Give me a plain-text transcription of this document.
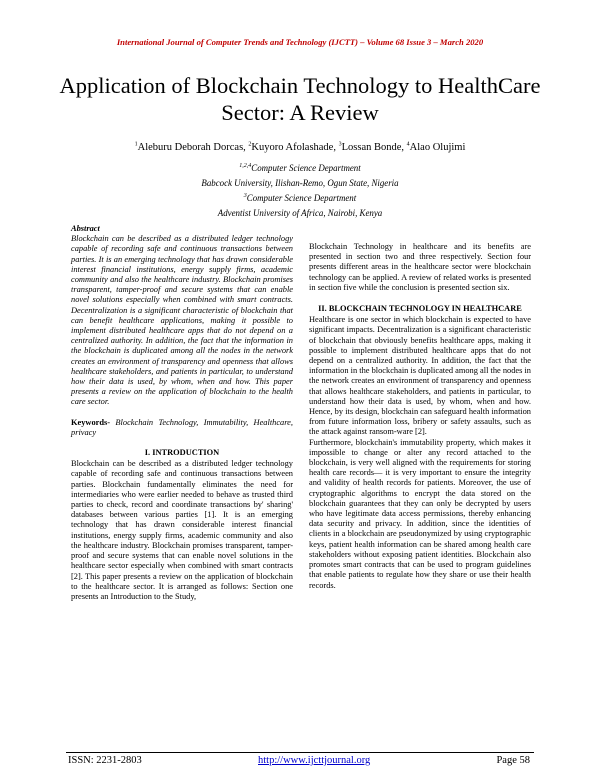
International Journal of Computer Trends and Technology (IJCTT) – Volume 68 Issue 3 – March 2020
Application of Blockchain Technology to HealthCare Sector: A Review
$^1$Aleburu Deborah Dorcas, $^2$Kuyoro Afolashade, $^3$Lossan Bonde, $^4$Alao Olujimi
$^{1,2,4}$Computer Science Department
Babcock University, Ilishan-Remo, Ogun State, Nigeria
$^3$Computer Science Department
Adventist University of Africa, Nairobi, Kenya

Abstract

Blockchain can be described as a distributed ledger technology capable of recording safe and continuous transactions between parties. It is an emerging technology that has drawn considerable interest financial institutions, energy supply firms, academic community and also the healthcare industry. Blockchain promises transparent, tamper-proof and secure systems that can enable novel solutions especially when combined with smart contracts. Decentralization is a significant characteristic of blockchain that can benefit healthcare applications, making it possible to implement distributed healthcare apps that do not depend on a centralized authority. In addition, the fact that the information in the blockchain is duplicated among all the nodes in the network creates an environment of transparency and openness that allows healthcare stakeholders, and patients in particular, to understand how their data is used, by whom, when and how. This paper presents a review on the application of blockchain to the health care sector.

Keywords- Blockchain Technology, Immutability, Healthcare, privacy

I. INTRODUCTION

Blockchain can be described as a distributed ledger technology capable of recording safe and continuous transactions between parties. Blockchain fundamentally eliminates the need for intermediaries who were earlier needed to behave as trusted third parties to check, record and coordinate transactions by' sharing' databases between various parties [1]. It is an emerging technology that has drawn considerable interest financial institutions, energy supply firms, academic community and also the healthcare industry. Blockchain promises transparent, tamper-proof and secure systems that can enable novel solutions in the healthcare sector especially when combined with smart contracts [2]. This paper presents a review on the application of blockchain to the healthcare sector. It is arranged as follows: Section one presents an Introduction to the Study,

Blockchain Technology in healthcare and its benefits are presented in section two and three respectively. Section four presents different areas in the healthcare sector were blockchain technology can be applied. A review of related works is presented in section five while the conclusion is presented section six.

II. BLOCKCHAIN TECHNOLOGY IN HEALTHCARE

Healthcare is one sector in which blockchain is expected to have significant impacts. Decentralization is a significant characteristic of blockchain that obviously benefits healthcare apps, making it possible to implement distributed healthcare apps that do not depend on a centralized authority. In addition, the fact that the information in the blockchain is duplicated among all the nodes in the network creates an environment of transparency and openness that allows healthcare stakeholders, and patients in particular, to understand how their data is used, by whom, when and how. Hence, by its design, blockchain can safeguard health information from future information loss, bribery or safety assaults, such as the attack against ransom-ware [2].

Furthermore, blockchain's immutability property, which makes it impossible to change or alter any record attached to the blockchain, is very well aligned with the requirements for storing health care records— it is very important to ensure the integrity and validity of health records for patients. Moreover, the use of cryptographic algorithms to encrypt the data stored on the blockchain guarantees that they can only be decrypted by users who have legitimate data access permissions, thereby enhancing data security and privacy. In addition, since the identities of clients in a blockchain are pseudonymized by using cryptographic keys, patient health information can be shared among health care stakeholders without exposing patient identities. Blockchain also promotes smart contracts that can be used to program guidelines that enable patients to regulate how they share or use their health records.

ISSN: 2231-2803	http://www.ijcttjournal.org	Page 58
